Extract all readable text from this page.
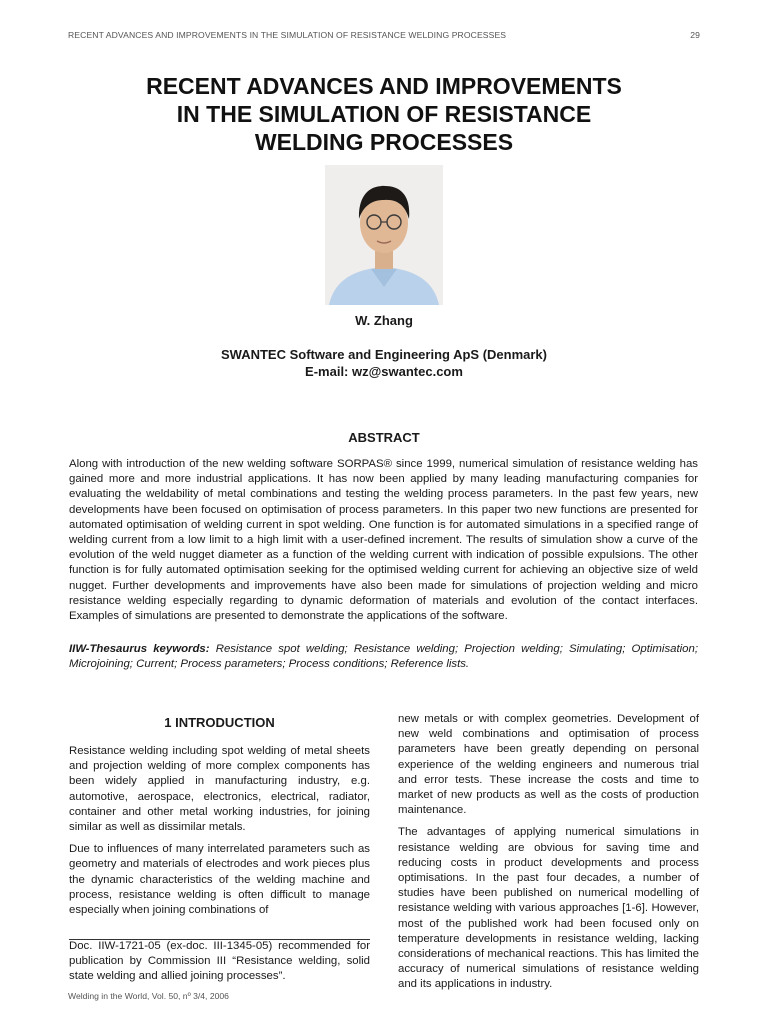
RECENT ADVANCES AND IMPROVEMENTS IN THE SIMULATION OF RESISTANCE WELDING PROCESSES	29
RECENT ADVANCES AND IMPROVEMENTS
IN THE SIMULATION OF RESISTANCE
WELDING PROCESSES
W. Zhang
SWANTEC Software and Engineering ApS (Denmark)
E-mail: wz@swantec.com
ABSTRACT

Along with introduction of the new welding software SORPAS® since 1999, numerical simulation of resistance welding has gained more and more industrial applications. It has now been applied by many leading manufacturing companies for evaluating the weldability of metal combinations and testing the welding process parameters. In the past few years, new developments have been focused on optimisation of process parameters. In this paper two new functions are presented for automated optimisation of welding current in spot welding. One function is for automated simulations in a specified range of welding current from a low limit to a high limit with a user-defined increment. The results of simulation show a curve of the evolution of the weld nugget diameter as a function of the welding current with indication of possible expulsions. The other function is for fully automated optimisation seeking for the optimised welding current for achieving an objective size of weld nugget. Further developments and improvements have also been made for simulations of projection welding and micro resistance welding especially regarding to dynamic deformation of materials and evolution of the contact interfaces. Examples of simulations are presented to demonstrate the applications of the software.

IIW-Thesaurus keywords: Resistance spot welding; Resistance welding; Projection welding; Simulating; Optimisation; Microjoining; Current; Process parameters; Process conditions; Reference lists.

1 INTRODUCTION

Resistance welding including spot welding of metal sheets and projection welding of more complex components has been widely applied in manufacturing industry, e.g. automotive, aerospace, electronics, electrical, radiator, container and other metal working industries, for joining similar as well as dissimilar metals.

Due to influences of many interrelated parameters such as geometry and materials of electrodes and work pieces plus the dynamic characteristics of the welding machine and process, resistance welding is often difficult to manage especially when joining combinations of

new metals or with complex geometries. Development of new weld combinations and optimisation of process parameters have been greatly depending on personal experience of the welding engineers and numerous trial and error tests. These increase the costs and time to market of new products as well as the costs of production maintenance.

The advantages of applying numerical simulations in resistance welding are obvious for saving time and reducing costs in product developments and process optimisations. In the past four decades, a number of studies have been published on numerical modelling of resistance welding with various approaches [1-6]. However, most of the published work had been focused only on temperature developments in resistance welding, lacking considerations of mechanical reactions. This has limited the accuracy of numerical simulations of resistance welding and its applications in industry.

Doc. IIW-1721-05 (ex-doc. III-1345-05) recommended for publication by Commission III “Resistance welding, solid state welding and allied joining processes”.

Welding in the World, Vol. 50, nº 3/4, 2006
